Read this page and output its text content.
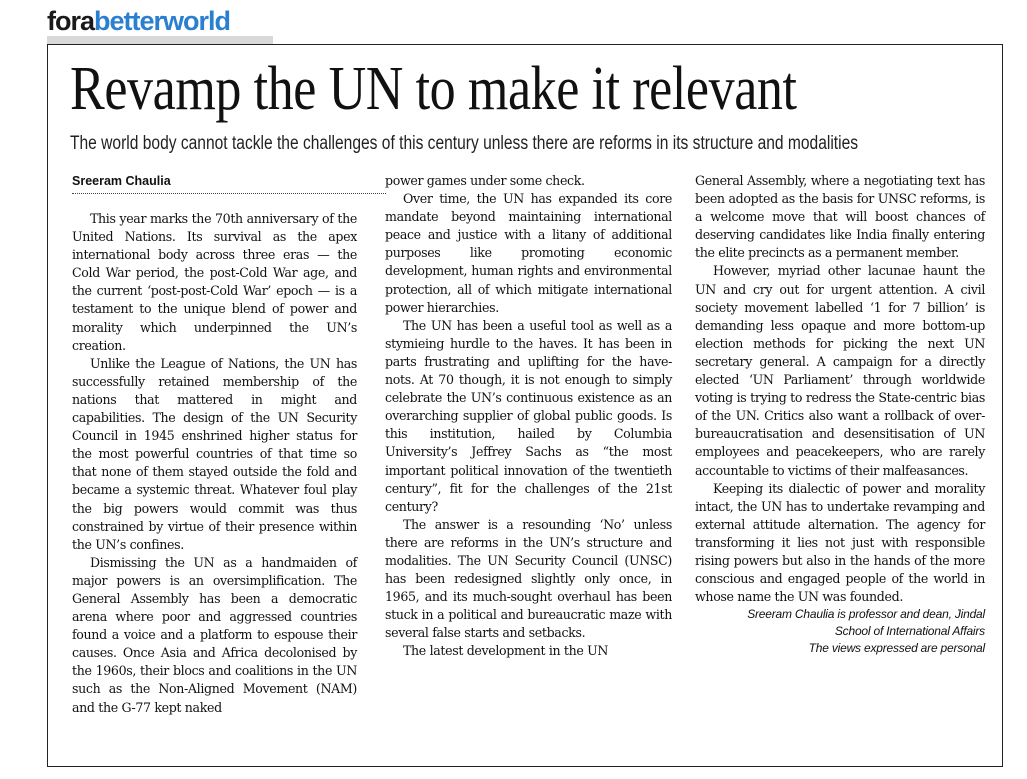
forabetterworld
Revamp the UN to make it relevant
The world body cannot tackle the challenges of this century unless there are reforms in its structure and modalities
Sreeram Chaulia

This year marks the 70th anniversary of the United Nations. Its survival as the apex international body across three eras — the Cold War period, the post-Cold War age, and the current ‘post-post-Cold War’ epoch — is a testament to the unique blend of power and morality which underpinned the UN’s creation.

Unlike the League of Nations, the UN has successfully retained membership of the nations that mattered in might and capabilities. The design of the UN Security Council in 1945 enshrined higher status for the most powerful countries of that time so that none of them stayed outside the fold and became a systemic threat. Whatever foul play the big powers would commit was thus constrained by virtue of their presence within the UN’s confines.

Dismissing the UN as a handmaiden of major powers is an oversimplification. The General Assembly has been a democratic arena where poor and aggressed countries found a voice and a platform to espouse their causes. Once Asia and Africa decolonised by the 1960s, their blocs and coalitions in the UN such as the Non-Aligned Movement (NAM) and the G-77 kept naked

power games under some check.

Over time, the UN has expanded its core mandate beyond maintaining international peace and justice with a litany of additional purposes like promoting economic development, human rights and environmental protection, all of which mitigate international power hierarchies.

The UN has been a useful tool as well as a stymieing hurdle to the haves. It has been in parts frustrating and uplifting for the have-nots. At 70 though, it is not enough to simply celebrate the UN’s continuous existence as an overarching supplier of global public goods. Is this institution, hailed by Columbia University’s Jeffrey Sachs as “the most important political innovation of the twentieth century”, fit for the challenges of the 21st century?

The answer is a resounding ‘No’ unless there are reforms in the UN’s structure and modalities. The UN Security Council (UNSC) has been redesigned slightly only once, in 1965, and its much-sought overhaul has been stuck in a political and bureaucratic maze with several false starts and setbacks.

The latest development in the UN

General Assembly, where a negotiating text has been adopted as the basis for UNSC reforms, is a welcome move that will boost chances of deserving candidates like India finally entering the elite precincts as a permanent member.

However, myriad other lacunae haunt the UN and cry out for urgent attention. A civil society movement labelled ‘1 for 7 billion’ is demanding less opaque and more bottom-up election methods for picking the next UN secretary general. A campaign for a directly elected ‘UN Parliament’ through worldwide voting is trying to redress the State-centric bias of the UN. Critics also want a rollback of over-bureaucratisation and desensitisation of UN employees and peacekeepers, who are rarely accountable to victims of their malfeasances.

Keeping its dialectic of power and morality intact, the UN has to undertake revamping and external attitude alternation. The agency for transforming it lies not just with responsible rising powers but also in the hands of the more conscious and engaged people of the world in whose name the UN was founded.

Sreeram Chaulia is professor and dean, Jindal
School of International Affairs
The views expressed are personal
